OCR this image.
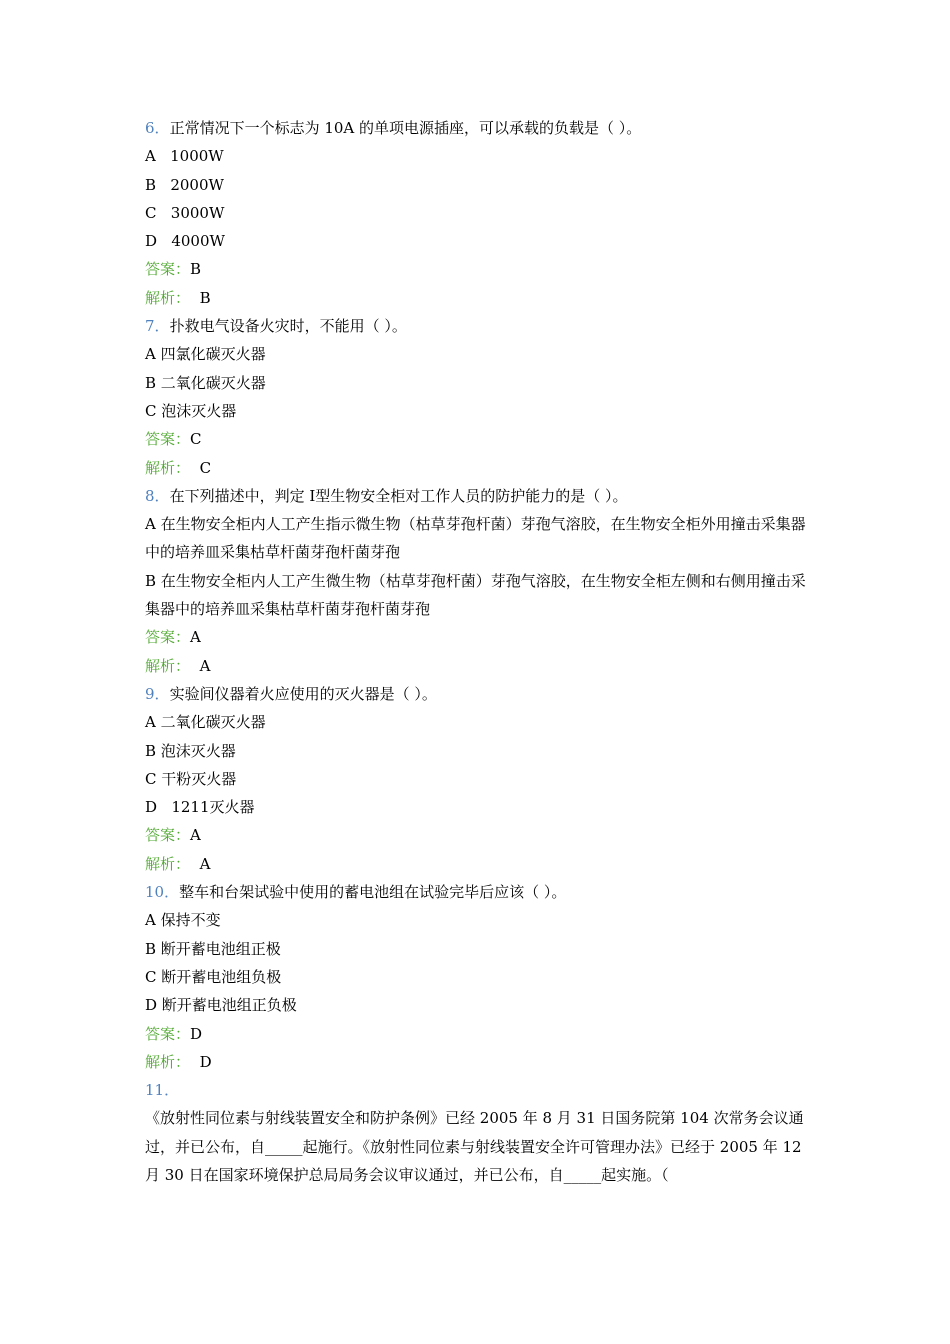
6．正常情况下一个标志为 10A 的单项电源插座，可以承载的负载是（ ）。
A   1000W
B   2000W
C   3000W
D   4000W
答案：B
解析： B
7．扑救电气设备火灾时，不能用（ ）。
A 四氯化碳灭火器
B 二氧化碳灭火器
C 泡沫灭火器
答案：C
解析： C
8．在下列描述中，判定 I型生物安全柜对工作人员的防护能力的是（ ）。
A 在生物安全柜内人工产生指示微生物（枯草芽孢杆菌）芽孢气溶胶，在生物安全柜外用撞击采集器中的培养皿采集枯草杆菌芽孢杆菌芽孢
B 在生物安全柜内人工产生微生物（枯草芽孢杆菌）芽孢气溶胶，在生物安全柜左侧和右侧用撞击采集器中的培养皿采集枯草杆菌芽孢杆菌芽孢
答案：A
解析： A
9．实验间仪器着火应使用的灭火器是（ ）。
A 二氧化碳灭火器
B 泡沫灭火器
C 干粉灭火器
D   1211灭火器
答案：A
解析： A
10．整车和台架试验中使用的蓄电池组在试验完毕后应该（ ）。
A 保持不变
B 断开蓄电池组正极
C 断开蓄电池组负极
D 断开蓄电池组正负极
答案：D
解析： D
11．
《放射性同位素与射线装置安全和防护条例》已经 2005 年 8 月 31 日国务院第 104 次常务会议通过，并已公布，自_____起施行。《放射性同位素与射线装置安全许可管理办法》已经于 2005 年 12 月 30 日在国家环境保护总局局务会议审议通过，并已公布，自_____起实施。（
